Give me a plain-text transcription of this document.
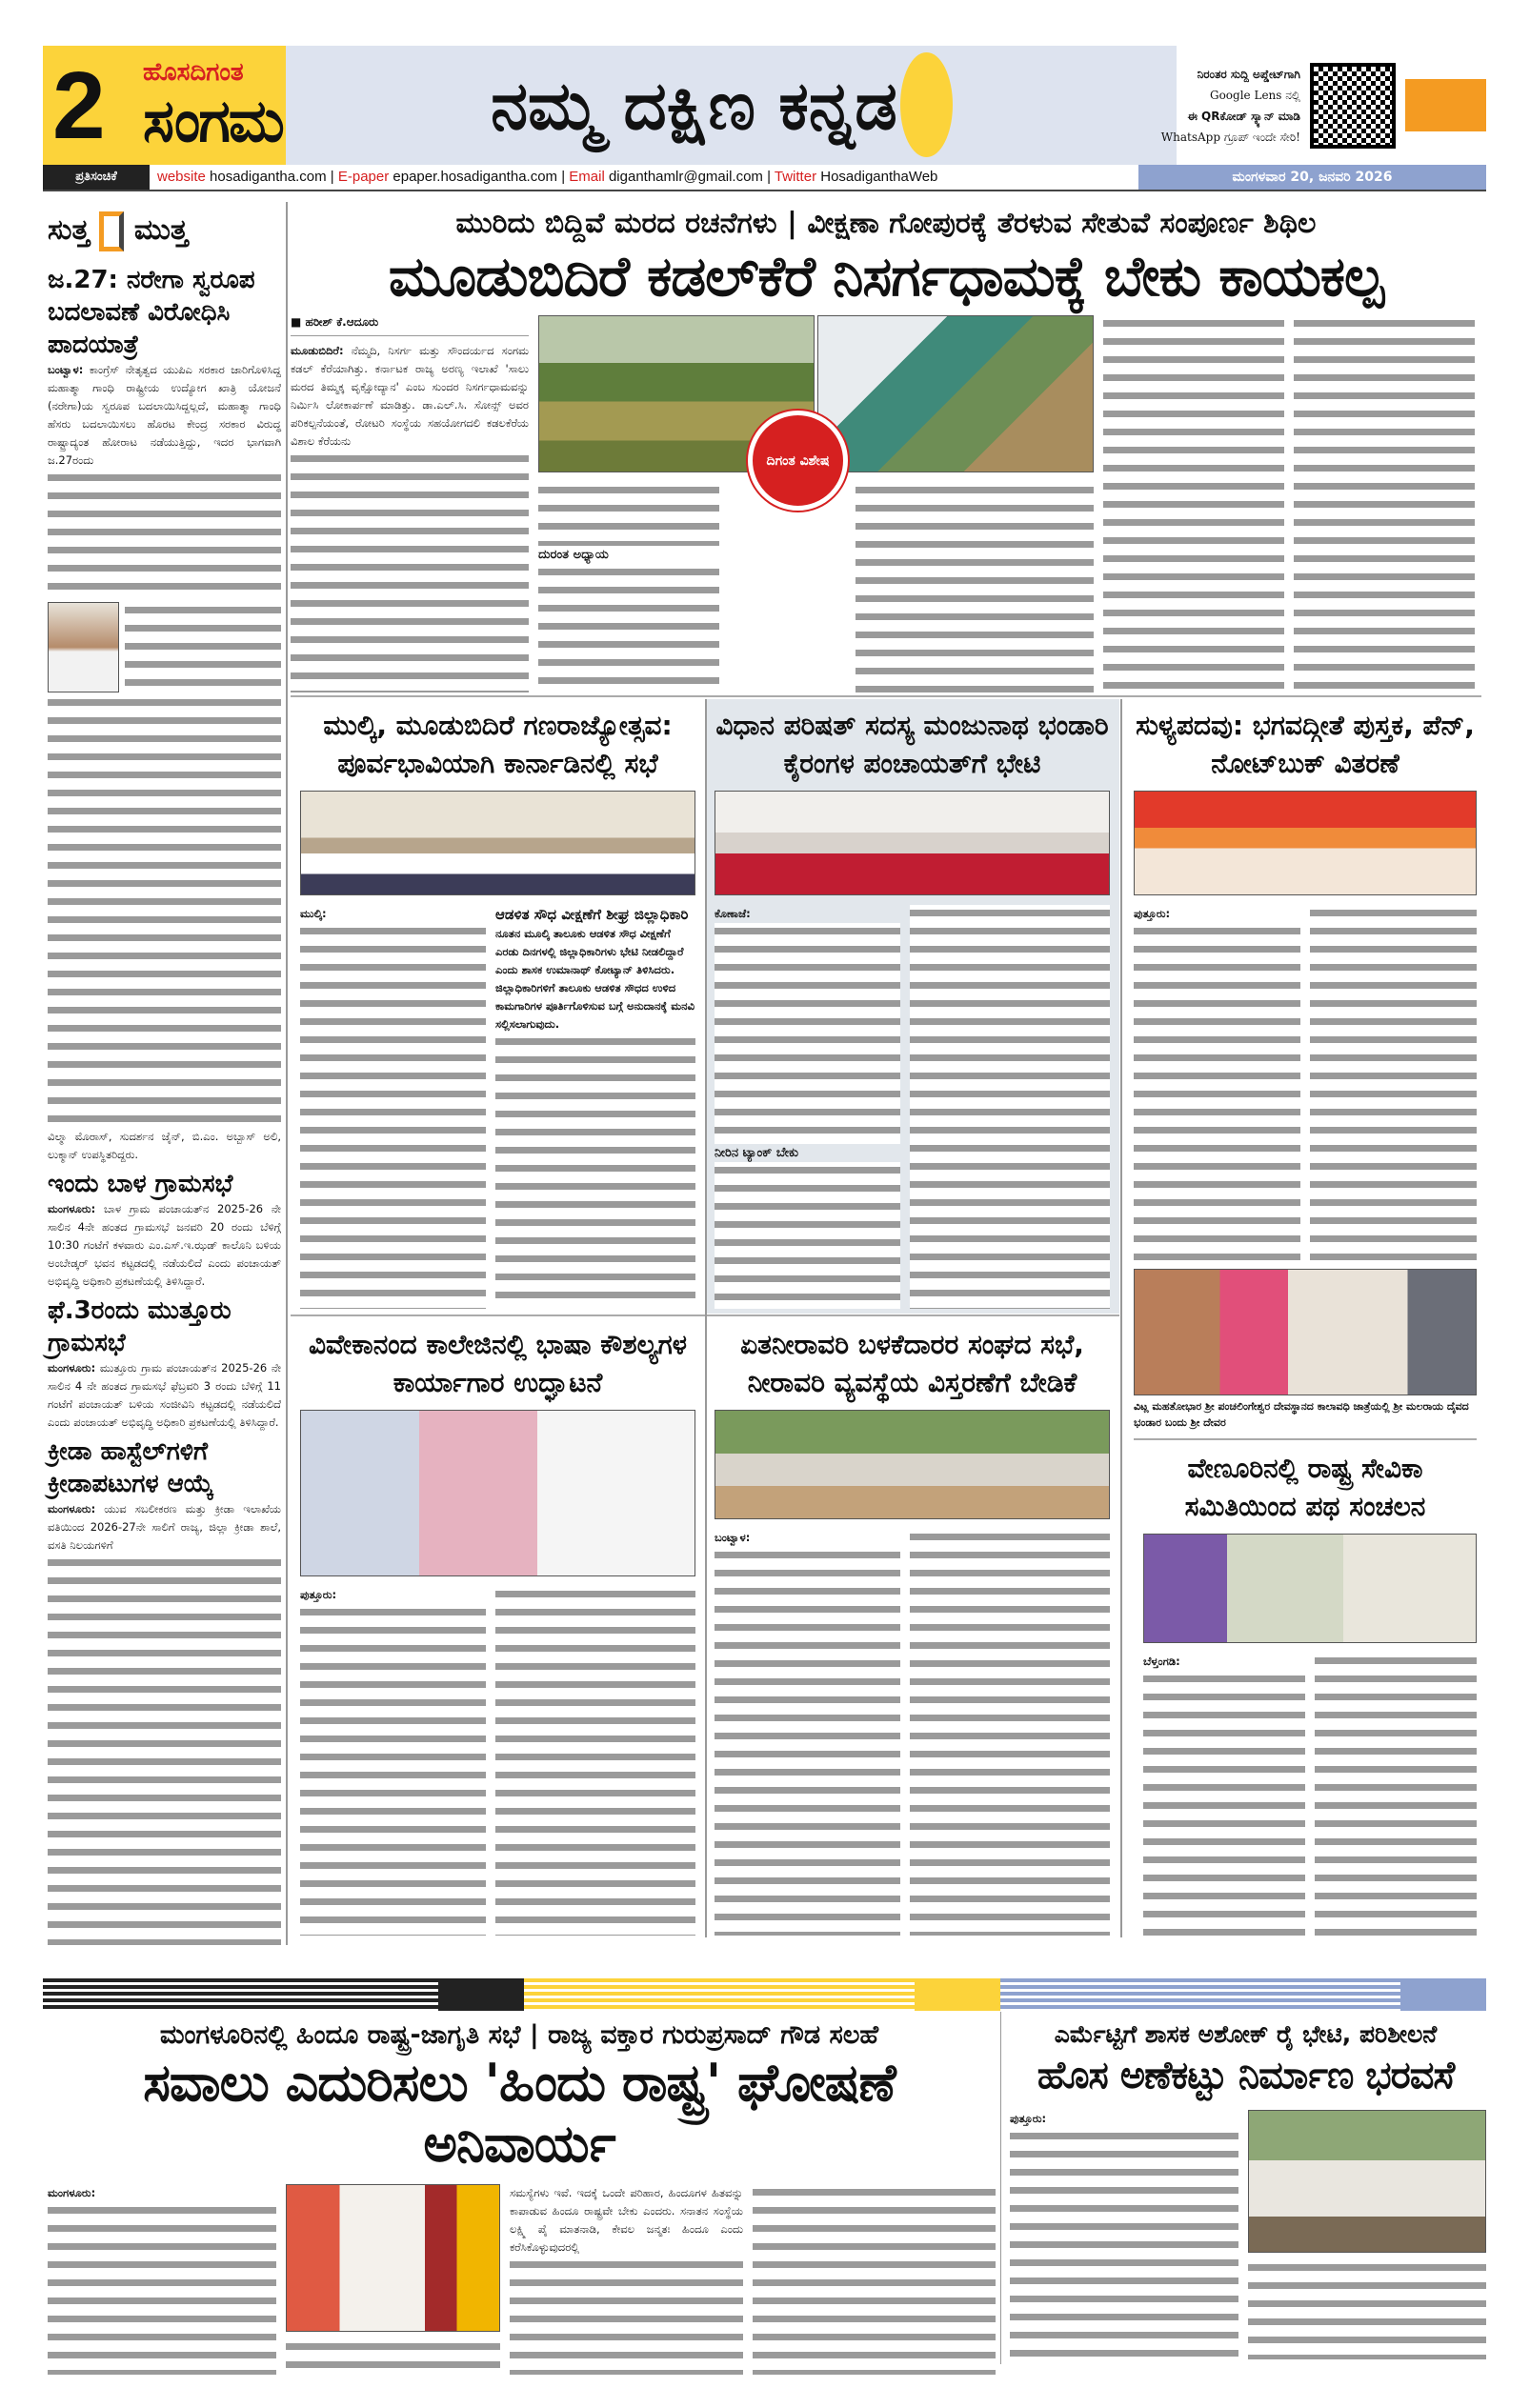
2	ಹೊಸದಿಗಂತ
ಸಂಗಮ	ನಮ್ಮ ದಕ್ಷಿಣ ಕನ್ನಡ	ನಿರಂತರ ಸುದ್ದಿ ಅಪ್ಡೇಟ್‌ಗಾಗಿ
Google Lens ನಲ್ಲಿ
ಈ QRಕೋಡ್ ಸ್ಕ್ಯಾನ್ ಮಾಡಿ
WhatsApp ಗ್ರೂಪ್ ಇಂದೇ ಸೇರಿ!
ಪ್ರತಿಸಂಚಿಕೆ	website hosadigantha.com | E-paper epaper.hosadigantha.com | Email diganthamlr@gmail.com | Twitter HosadiganthaWeb	ಮಂಗಳವಾರ 20, ಜನವರಿ 2026
ಸುತ್ತ ಮುತ್ತ
ಜ.27: ನರೇಗಾ ಸ್ವರೂಪ ಬದಲಾವಣೆ ವಿರೋಧಿಸಿ ಪಾದಯಾತ್ರೆ
ಬಂಟ್ವಾಳ: ಕಾಂಗ್ರೆಸ್ ನೇತೃತ್ವದ ಯುಪಿಎ ಸರಕಾರ ಜಾರಿಗೊಳಿಸಿದ್ದ ಮಹಾತ್ಮಾ ಗಾಂಧಿ ರಾಷ್ಟ್ರೀಯ ಉದ್ಯೋಗ ಖಾತ್ರಿ ಯೋಜನೆ (ನರೇಗಾ)ಯ ಸ್ವರೂಪ ಬದಲಾಯಿಸಿದ್ದಲ್ಲದೆ, ಮಹಾತ್ಮಾ ಗಾಂಧಿ ಹೆಸರು ಬದಲಾಯಿಸಲು ಹೊರಟ ಕೇಂದ್ರ ಸರಕಾರ ವಿರುದ್ಧ ರಾಷ್ಟ್ರಾದ್ಯಂತ ಹೋರಾಟ ನಡೆಯುತ್ತಿದ್ದು, ಇದರ ಭಾಗವಾಗಿ ಜ.27ರಂದು
ವಿಲ್ಮಾ ಮೊರಾಸ್, ಸುದರ್ಶನ ಜೈನ್, ಬಿ.ಎಂ. ಅಬ್ಬಾಸ್ ಅಲಿ, ಲುಕ್ಮಾನ್ ಉಪಸ್ಥಿತರಿದ್ದರು.
ಇಂದು ಬಾಳ ಗ್ರಾಮಸಭೆ
ಮಂಗಳೂರು: ಬಾಳ ಗ್ರಾಮ ಪಂಚಾಯತ್‌ನ 2025-26 ನೇ ಸಾಲಿನ 4ನೇ ಹಂತದ ಗ್ರಾಮಸಭೆ ಜನವರಿ 20 ರಂದು ಬೆಳಿಗ್ಗೆ 10:30 ಗಂಟೆಗೆ ಕಳವಾರು ಎಂ.ಎಸ್.ಇ.ಝಡ್ ಕಾಲೊನಿ ಬಳಿಯ ಅಂಬೇಡ್ಕರ್ ಭವನ ಕಟ್ಟಡದಲ್ಲಿ ನಡೆಯಲಿದೆ ಎಂದು ಪಂಚಾಯತ್ ಅಭಿವೃದ್ಧಿ ಅಧಿಕಾರಿ ಪ್ರಕಟಣೆಯಲ್ಲಿ ತಿಳಿಸಿದ್ದಾರೆ.
ಫೆ.3ರಂದು ಮುತ್ತೂರು ಗ್ರಾಮಸಭೆ
ಮಂಗಳೂರು: ಮುತ್ತೂರು ಗ್ರಾಮ ಪಂಚಾಯತ್‌ನ 2025-26 ನೇ ಸಾಲಿನ 4 ನೇ ಹಂತದ ಗ್ರಾಮಸಭೆ ಫೆಬ್ರವರಿ 3 ರಂದು ಬೆಳಿಗ್ಗೆ 11 ಗಂಟೆಗೆ ಪಂಚಾಯತ್ ಬಳಿಯ ಸಂಜೀವಿನಿ ಕಟ್ಟಡದಲ್ಲಿ ನಡೆಯಲಿದೆ ಎಂದು ಪಂಚಾಯತ್ ಅಭಿವೃದ್ಧಿ ಅಧಿಕಾರಿ ಪ್ರಕಟಣೆಯಲ್ಲಿ ತಿಳಿಸಿದ್ದಾರೆ.
ಕ್ರೀಡಾ ಹಾಸ್ಟೆಲ್‌ಗಳಿಗೆ ಕ್ರೀಡಾಪಟುಗಳ ಆಯ್ಕೆ
ಮಂಗಳೂರು: ಯುವ ಸಬಲೀಕರಣ ಮತ್ತು ಕ್ರೀಡಾ ಇಲಾಖೆಯ ವತಿಯಿಂದ 2026-27ನೇ ಸಾಲಿಗೆ ರಾಜ್ಯ, ಜಿಲ್ಲಾ ಕ್ರೀಡಾ ಶಾಲೆ, ವಸತಿ ನಿಲಯಗಳಿಗೆ
ಮುರಿದು ಬಿದ್ದಿವೆ ಮರದ ರಚನೆಗಳು | ವೀಕ್ಷಣಾ ಗೋಪುರಕ್ಕೆ ತೆರಳುವ ಸೇತುವೆ ಸಂಪೂರ್ಣ ಶಿಥಿಲ
ಮೂಡುಬಿದಿರೆ ಕಡಲ್‌ಕೆರೆ ನಿಸರ್ಗಧಾಮಕ್ಕೆ ಬೇಕು ಕಾಯಕಲ್ಪ
■ ಹರೀಶ್ ಕೆ.ಆದೂರು
ಮೂಡುಬಿದಿರೆ: ನೆಮ್ಮದಿ, ನಿಸರ್ಗ ಮತ್ತು ಸೌಂದರ್ಯದ ಸಂಗಮ ಕಡಲ್ ಕೆರೆಯಾಗಿತ್ತು. ಕರ್ನಾಟಕ ರಾಜ್ಯ ಅರಣ್ಯ ಇಲಾಖೆ 'ಸಾಲು ಮರದ ತಿಮ್ಮಕ್ಕ ವೃಕ್ಷೋದ್ಯಾನ' ಎಂಬ ಸುಂದರ ನಿಸರ್ಗಧಾಮವನ್ನು ನಿರ್ಮಿಸಿ ಲೋಕಾರ್ಪಣೆ ಮಾಡಿತ್ತು. ಡಾ.ಎಲ್.ಸಿ. ಸೋನ್ಸ್ ಅವರ ಪರಿಕಲ್ಪನೆಯಂತೆ, ರೋಟರಿ ಸಂಸ್ಥೆಯ ಸಹಯೋಗದಲಿ ಕಡಲಕೆರೆಯ ವಿಶಾಲ ಕೆರೆಯನು
ದುರಂತ ಅಧ್ಯಾಯ
ದಿಗಂತ ವಿಶೇಷ
ಮುಲ್ಕಿ, ಮೂಡುಬಿದಿರೆ ಗಣರಾಜ್ಯೋತ್ಸವ: ಪೂರ್ವಭಾವಿಯಾಗಿ ಕಾರ್ನಾಡಿನಲ್ಲಿ ಸಭೆ
ಮುಲ್ಕಿ:	ಆಡಳಿತ ಸೌಧ ವೀಕ್ಷಣೆಗೆ ಶೀಘ್ರ ಜಿಲ್ಲಾಧಿಕಾರಿ
ನೂತನ ಮೂಲ್ಕಿ ತಾಲೂಕು ಆಡಳಿತ ಸೌಧ ವೀಕ್ಷಣೆಗೆ ಎರಡು ದಿನಗಳಲ್ಲಿ ಜಿಲ್ಲಾಧಿಕಾರಿಗಳು ಭೇಟಿ ನೀಡಲಿದ್ದಾರೆ ಎಂದು ಶಾಸಕ ಉಮಾನಾಥ್ ಕೋಟ್ಯಾನ್ ತಿಳಿಸಿದರು. ಜಿಲ್ಲಾಧಿಕಾರಿಗಳಿಗೆ ತಾಲೂಕು ಆಡಳಿತ ಸೌಧದ ಉಳಿದ ಕಾಮಗಾರಿಗಳ ಪೂರ್ತಿಗೊಳಿಸುವ ಬಗ್ಗೆ ಅನುದಾನಕ್ಕೆ ಮನವಿ ಸಲ್ಲಿಸಲಾಗುವುದು.
ವಿಧಾನ ಪರಿಷತ್ ಸದಸ್ಯ ಮಂಜುನಾಥ ಭಂಡಾರಿ ಕೈರಂಗಳ ಪಂಚಾಯತ್‌ಗೆ ಭೇಟಿ
ಕೊಣಾಜೆ:
ನೀರಿನ ಟ್ಯಾಂಕ್ ಬೇಕು
ಸುಳ್ಯಪದವು: ಭಗವದ್ಗೀತೆ ಪುಸ್ತಕ, ಪೆನ್, ನೋಟ್‌ಬುಕ್ ವಿತರಣೆ
ಪುತ್ತೂರು:
ವಿವೇಕಾನಂದ ಕಾಲೇಜಿನಲ್ಲಿ ಭಾಷಾ ಕೌಶಲ್ಯಗಳ ಕಾರ್ಯಾಗಾರ ಉದ್ಘಾಟನೆ
ಪುತ್ತೂರು:
ಏತನೀರಾವರಿ ಬಳಕೆದಾರರ ಸಂಘದ ಸಭೆ, ನೀರಾವರಿ ವ್ಯವಸ್ಥೆಯ ವಿಸ್ತರಣೆಗೆ ಬೇಡಿಕೆ
ಬಂಟ್ವಾಳ:
ವಿಟ್ಲ ಮಹತೋಭಾರ ಶ್ರೀ ಪಂಚಲಿಂಗೇಶ್ವರ ದೇವಸ್ಥಾನದ ಕಾಲಾವಧಿ ಜಾತ್ರೆಯಲ್ಲಿ ಶ್ರೀ ಮಲರಾಯ ದೈವದ ಭಂಡಾರ ಬಂದು ಶ್ರೀ ದೇವರ
ವೇಣೂರಿನಲ್ಲಿ ರಾಷ್ಟ್ರ ಸೇವಿಕಾ ಸಮಿತಿಯಿಂದ ಪಥ ಸಂಚಲನ
ಬೆಳ್ತಂಗಡಿ:
ಮಂಗಳೂರಿನಲ್ಲಿ ಹಿಂದೂ ರಾಷ್ಟ್ರ-ಜಾಗೃತಿ ಸಭೆ | ರಾಜ್ಯ ವಕ್ತಾರ ಗುರುಪ್ರಸಾದ್ ಗೌಡ ಸಲಹೆ
ಸವಾಲು ಎದುರಿಸಲು 'ಹಿಂದು ರಾಷ್ಟ್ರ' ಘೋಷಣೆ ಅನಿವಾರ್ಯ
ಮಂಗಳೂರು:	ಸಮಸ್ಯೆಗಳು ಇವೆ. ಇದಕ್ಕೆ ಒಂದೇ ಪರಿಹಾರ, ಹಿಂದೂಗಳ ಹಿತವನ್ನು ಕಾಪಾಡುವ ಹಿಂದೂ ರಾಷ್ಟ್ರವೇ ಬೇಕು ಎಂದರು. ಸನಾತನ ಸಂಸ್ಥೆಯ ಲಕ್ಷ್ಮಿ ಪೈ ಮಾತನಾಡಿ, ಕೇವಲ ಜನ್ಮತಃ ಹಿಂದೂ ಎಂದು ಕರೆಸಿಕೊಳ್ಳುವುದರಲ್ಲಿ
ಎರ್ಮೆಟ್ಟಿಗೆ ಶಾಸಕ ಅಶೋಕ್ ರೈ ಭೇಟಿ, ಪರಿಶೀಲನೆ
ಹೊಸ ಅಣೆಕಟ್ಟು ನಿರ್ಮಾಣ ಭರವಸೆ
ಪುತ್ತೂರು:
